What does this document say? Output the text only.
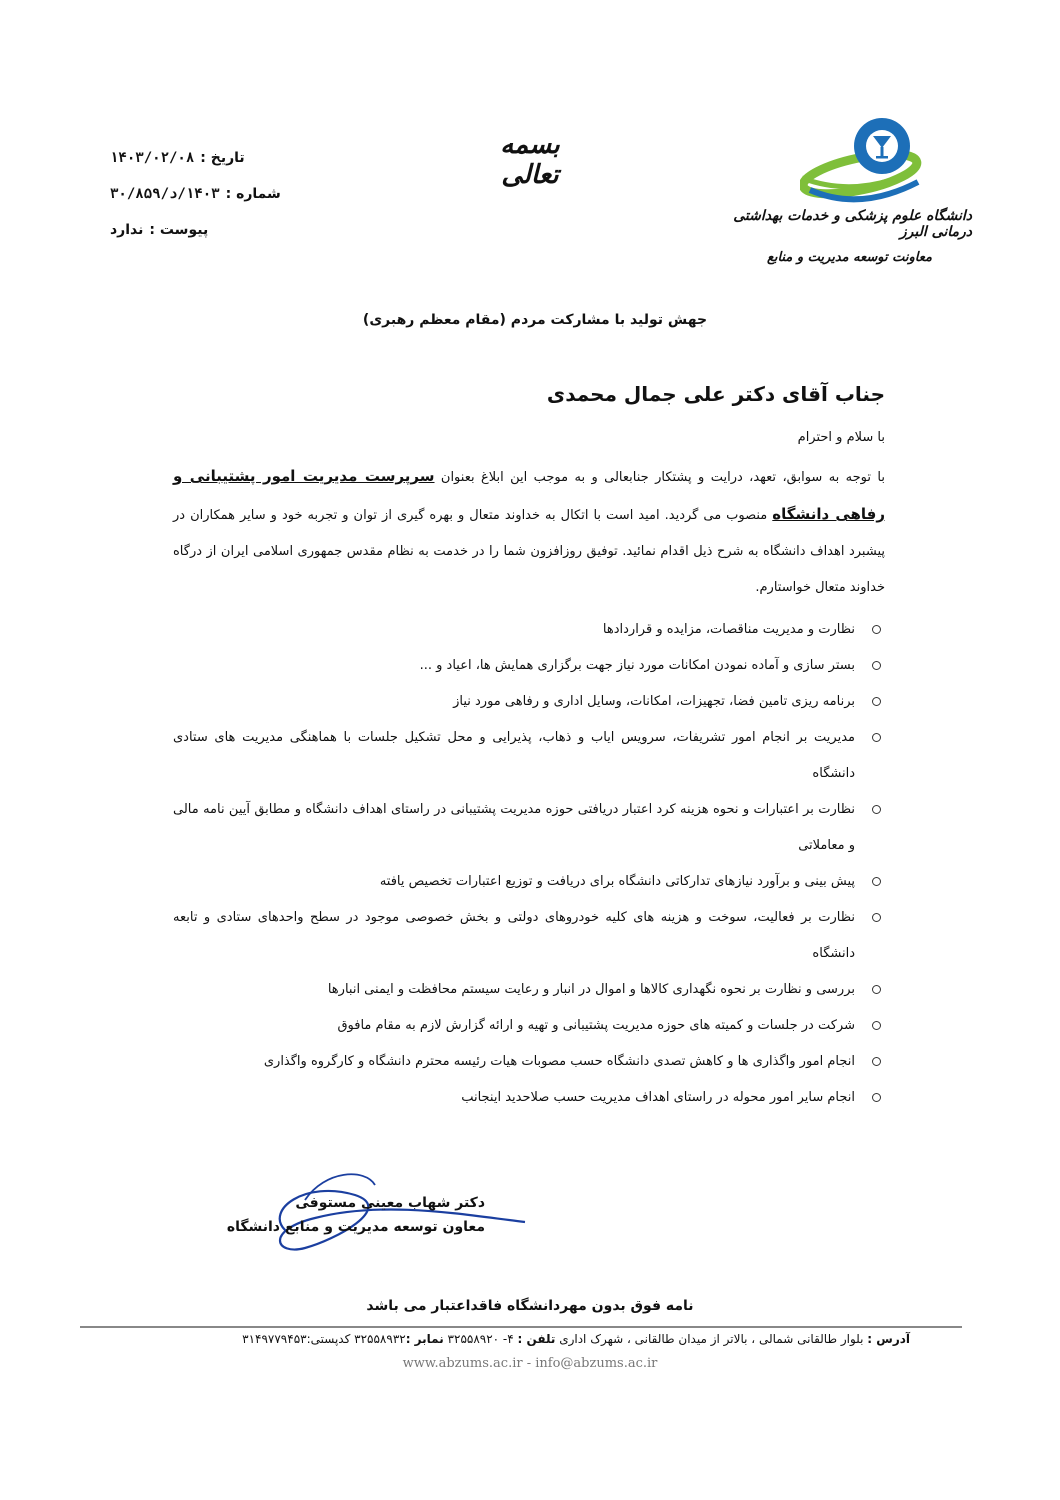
دانشگاه علوم پزشکی و خدمات بهداشتی درمانی البرز
معاونت توسعه مدیریت و منابع
بسمه تعالی
تاریخ :
۱۴۰۳/۰۲/۰۸
شماره :
۱۴۰۳/د/۳۰/۸۵۹
پیوست :
ندارد
جهش تولید با مشارکت مردم (مقام معظم رهبری)
جناب آقای دکتر علی جمال محمدی
با سلام و احترام
با توجه به سوابق، تعهد، درایت و پشتکار جنابعالی و به موجب این ابلاغ بعنوان سرپرست مدیریت امور پشتیبانی و رفاهی دانشگاه منصوب می گردید. امید است با اتکال به خداوند متعال و بهره گیری از توان و تجربه خود و سایر همکاران در پیشبرد اهداف دانشگاه به شرح ذیل اقدام نمائید. توفیق روزافزون شما را در خدمت به نظام مقدس جمهوری اسلامی ایران از درگاه خداوند متعال خواستارم.
نظارت و مدیریت مناقصات، مزایده و قراردادها
بستر سازی و آماده نمودن امکانات مورد نیاز جهت برگزاری همایش ها، اعیاد و ...
برنامه ریزی تامین فضا، تجهیزات، امکانات، وسایل اداری و رفاهی مورد نیاز
مدیریت بر انجام امور تشریفات، سرویس ایاب و ذهاب، پذیرایی و محل تشکیل جلسات با هماهنگی مدیریت های ستادی دانشگاه
نظارت بر اعتبارات و نحوه هزینه کرد اعتبار دریافتی حوزه مدیریت پشتیبانی در راستای اهداف دانشگاه و مطابق آیین نامه مالی و معاملاتی
پیش بینی و برآورد نیازهای تدارکاتی دانشگاه برای دریافت و توزیع اعتبارات تخصیص یافته
نظارت بر فعالیت، سوخت و هزینه های کلیه خودروهای دولتی و بخش خصوصی موجود در سطح واحدهای ستادی و تابعه دانشگاه
بررسی و نظارت بر نحوه نگهداری کالاها و اموال در انبار و رعایت سیستم محافظت و ایمنی انبارها
شرکت در جلسات و کمیته های حوزه مدیریت پشتیبانی و تهیه و ارائه گزارش لازم به مقام مافوق
انجام امور واگذاری ها و کاهش تصدی دانشگاه حسب مصوبات هیات رئیسه محترم دانشگاه و کارگروه واگذاری
انجام سایر امور محوله در راستای اهداف مدیریت حسب صلاحدید اینجانب
دکتر شهاب معینی مستوفی
معاون توسعه مدیریت و منابع دانشگاه
نامه فوق بدون مهردانشگاه فاقداعتبار می باشد
آدرس : بلوار طالقانی شمالی ، بالاتر از میدان طالقانی ، شهرک اداری تلفن : ۴- ۳۲۵۵۸۹۲۰ نمابر :۳۲۵۵۸۹۳۲ کدپستی:۳۱۴۹۷۷۹۴۵۳
www.abzums.ac.ir - info@abzums.ac.ir
